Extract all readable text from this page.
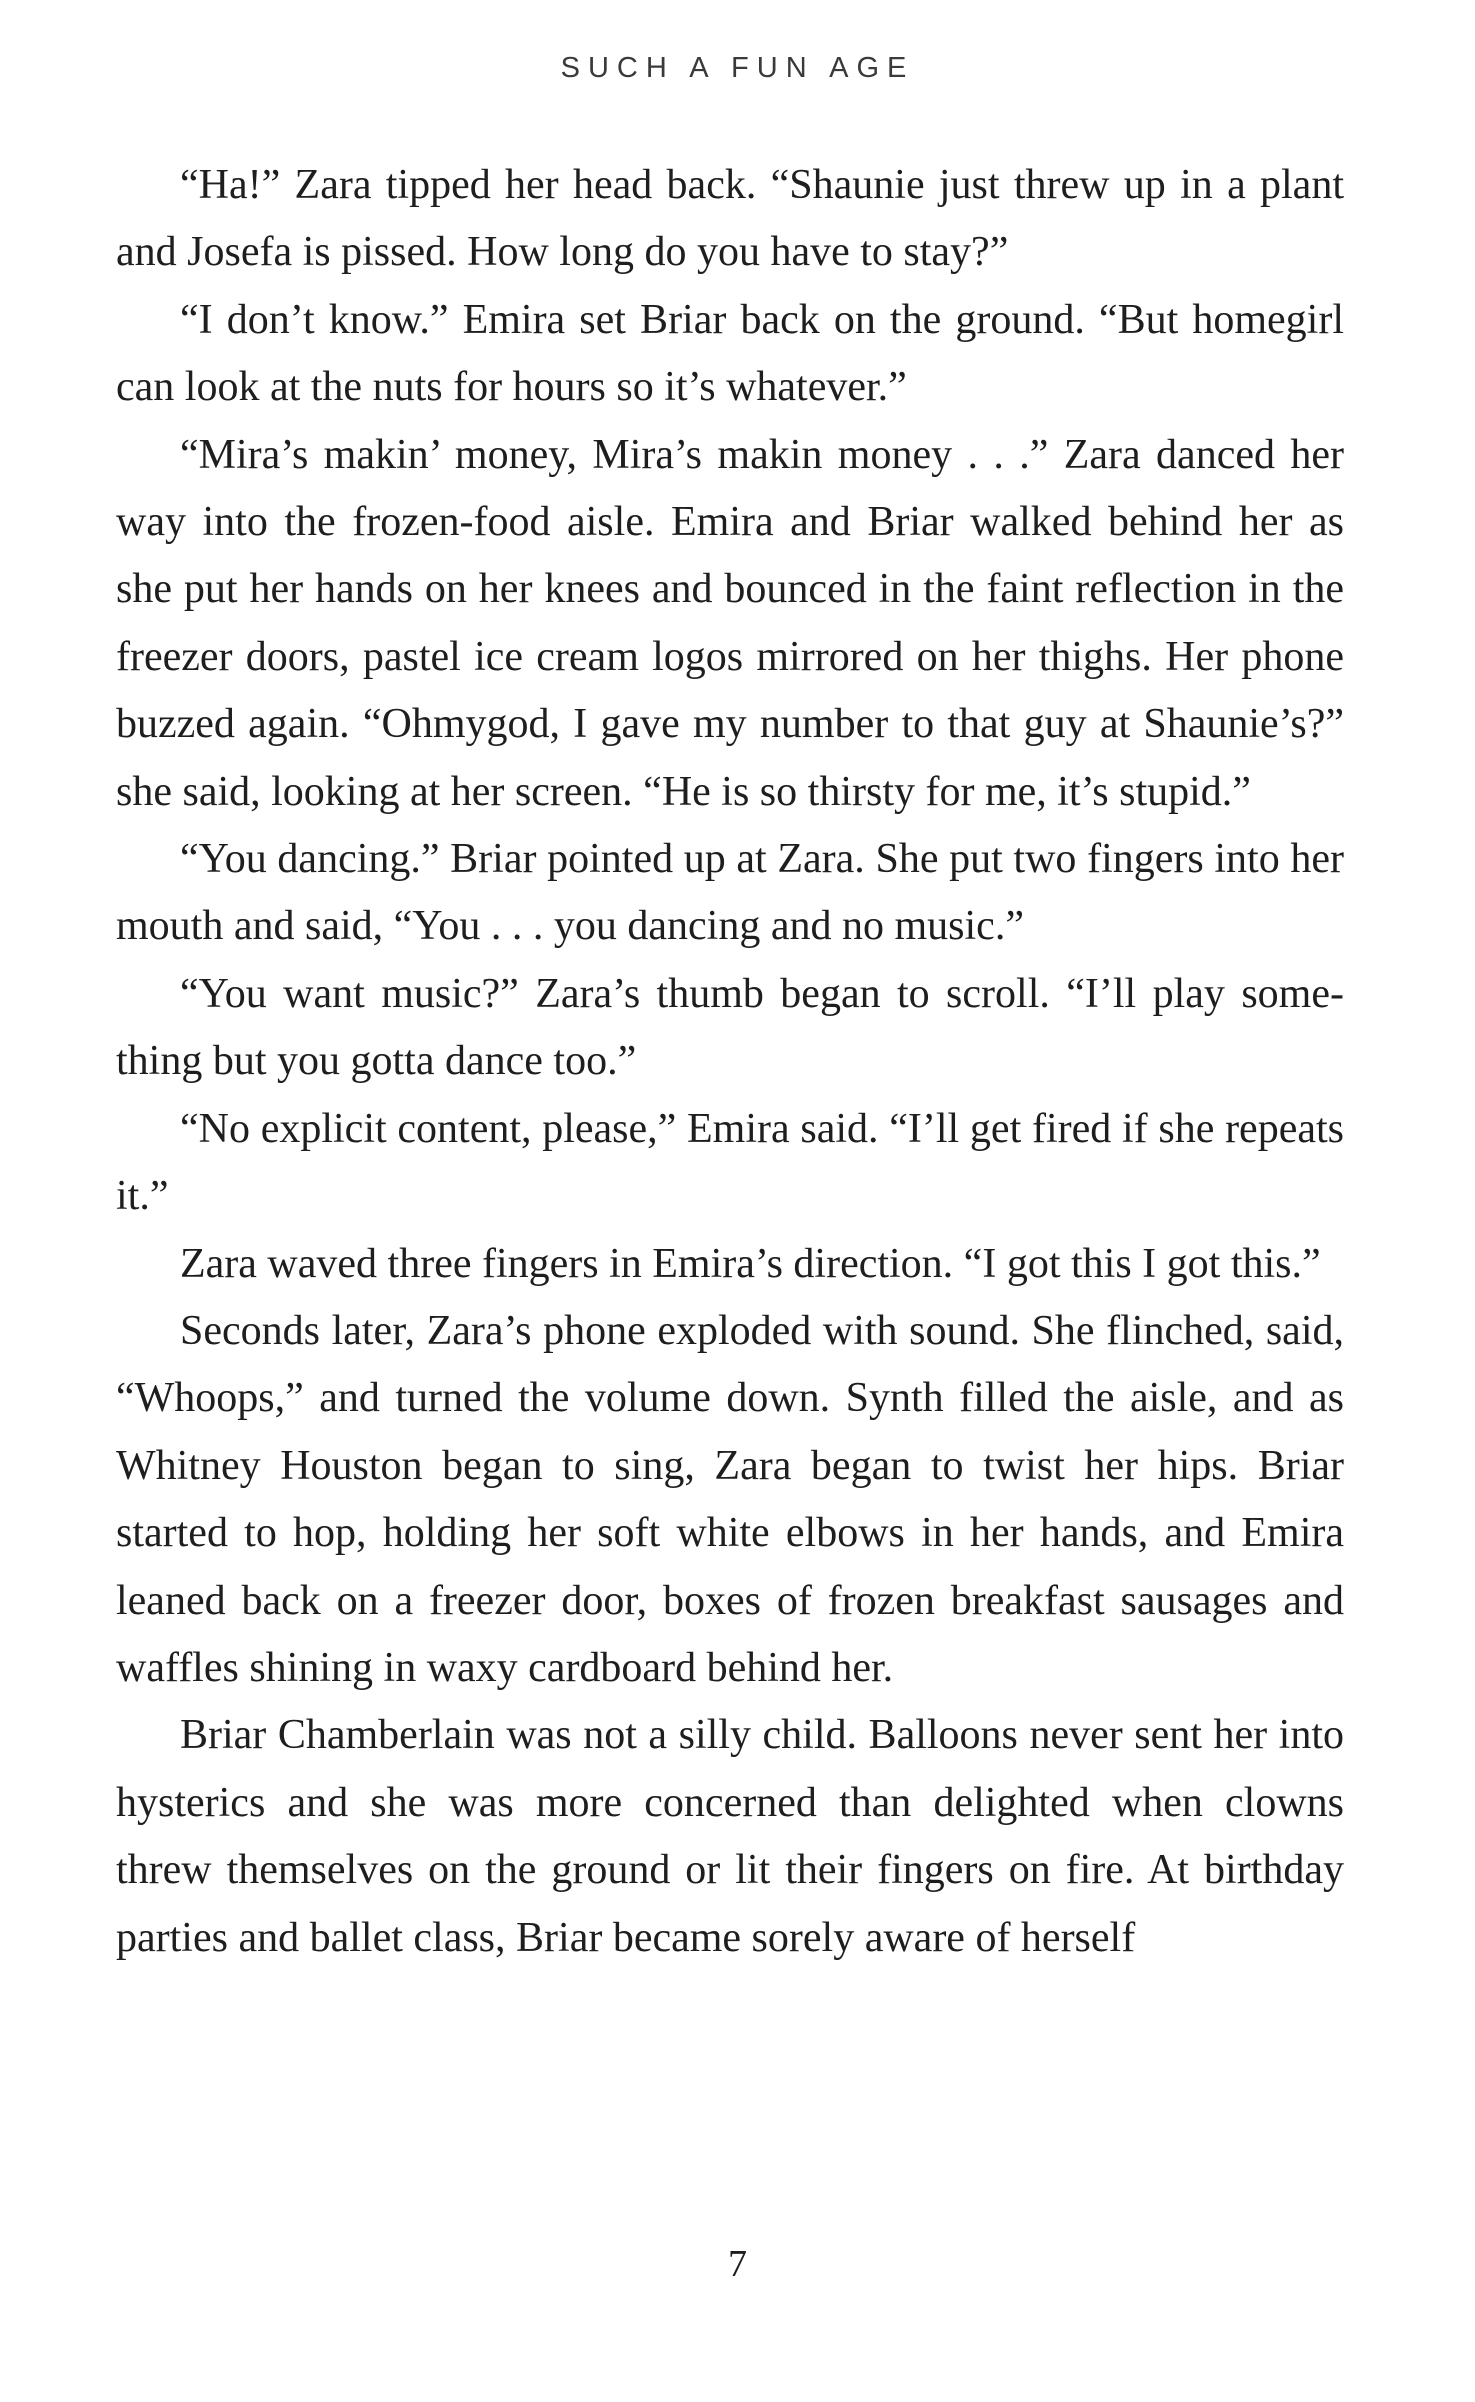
SUCH A FUN AGE

“Ha!” Zara tipped her head back. “Shaunie just threw up in a plant and Josefa is pissed. How long do you have to stay?”

“I don’t know.” Emira set Briar back on the ground. “But homegirl can look at the nuts for hours so it’s whatever.”

“Mira’s makin’ money, Mira’s makin money . . .” Zara danced her way into the frozen-food aisle. Emira and Briar walked behind her as she put her hands on her knees and bounced in the faint reflection in the freezer doors, pastel ice cream logos mirrored on her thighs. Her phone buzzed again. “Ohmygod, I gave my number to that guy at Shaunie’s?” she said, looking at her screen. “He is so thirsty for me, it’s stupid.”

“You dancing.” Briar pointed up at Zara. She put two fingers into her mouth and said, “You . . . you dancing and no music.”

“You want music?” Zara’s thumb began to scroll. “I’ll play something but you gotta dance too.”

“No explicit content, please,” Emira said. “I’ll get fired if she repeats it.”

Zara waved three fingers in Emira’s direction. “I got this I got this.”

Seconds later, Zara’s phone exploded with sound. She flinched, said, “Whoops,” and turned the volume down. Synth filled the aisle, and as Whitney Houston began to sing, Zara began to twist her hips. Briar started to hop, holding her soft white elbows in her hands, and Emira leaned back on a freezer door, boxes of frozen breakfast sausages and waffles shining in waxy cardboard behind her.

Briar Chamberlain was not a silly child. Balloons never sent her into hysterics and she was more concerned than delighted when clowns threw themselves on the ground or lit their fingers on fire. At birthday parties and ballet class, Briar became sorely aware of herself

7
